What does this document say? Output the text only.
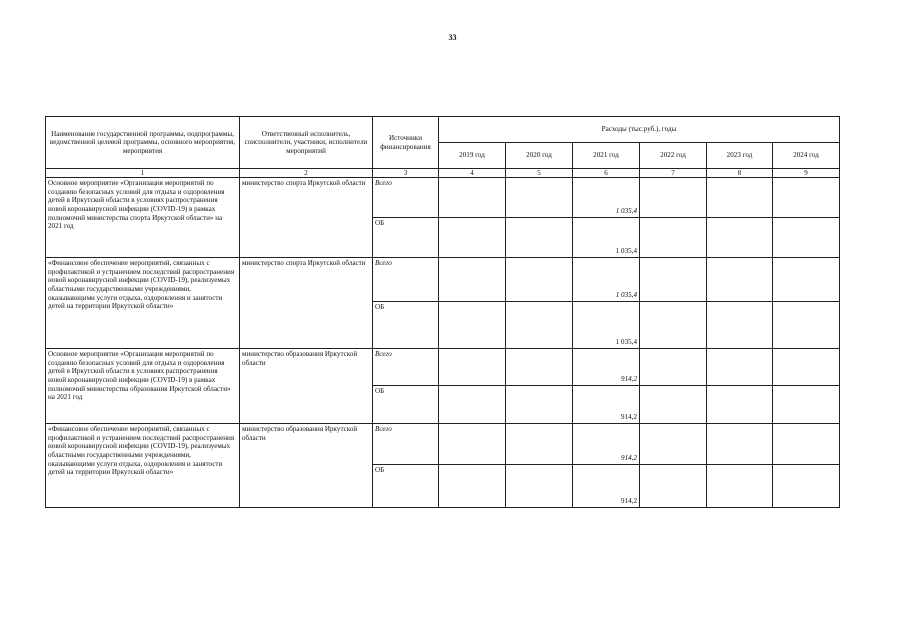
33
Наименование государственной программы, подпрограммы, ведомственной целевой программы, основного мероприятия, мероприятия	Ответственный исполнитель, соисполнители, участники, исполнители мероприятий	Источники финансирования	Расходы (тыс.руб.), годы					
			2019 год	2020 год	2021 год	2022 год	2023 год	2024 год
1	2	3	4	5	6	7	8	9
Основное мероприятие «Организация мероприятий по созданию безопасных условий для отдыха и оздоровления детей в Иркутской области в условиях распространения новой коронавирусной инфекции (COVID-19) в рамках полномочий министерства спорта Иркутской области» на 2021 год	министерство спорта Иркутской области	Всего			1 035,4			
		ОБ			1 035,4			
«Финансовое обеспечение мероприятий, связанных с профилактикой и устранением последствий распространения новой коронавирусной инфекции (COVID-19), реализуемых областными государственными учреждениями, оказывающими услуги отдыха, оздоровления и занятости детей на территории Иркутской области»	министерство спорта Иркутской области	Всего			1 035,4			
		ОБ			1 035,4			
Основное мероприятие «Организация мероприятий по созданию безопасных условий для отдыха и оздоровления детей в Иркутской области в условиях распространения новой коронавирусной инфекции (COVID-19) в рамках полномочий министерства образования Иркутской области» на 2021 год	министерство образования Иркутской области	Всего			914,2			
		ОБ			914,2			
«Финансовое обеспечение мероприятий, связанных с профилактикой и устранением последствий распространения новой коронавирусной инфекции (COVID-19), реализуемых областными государственными учреждениями, оказывающими услуги отдыха, оздоровления и занятости детей на территории Иркутской области»	министерство образования Иркутской области	Всего			914,2			
		ОБ			914,2			
